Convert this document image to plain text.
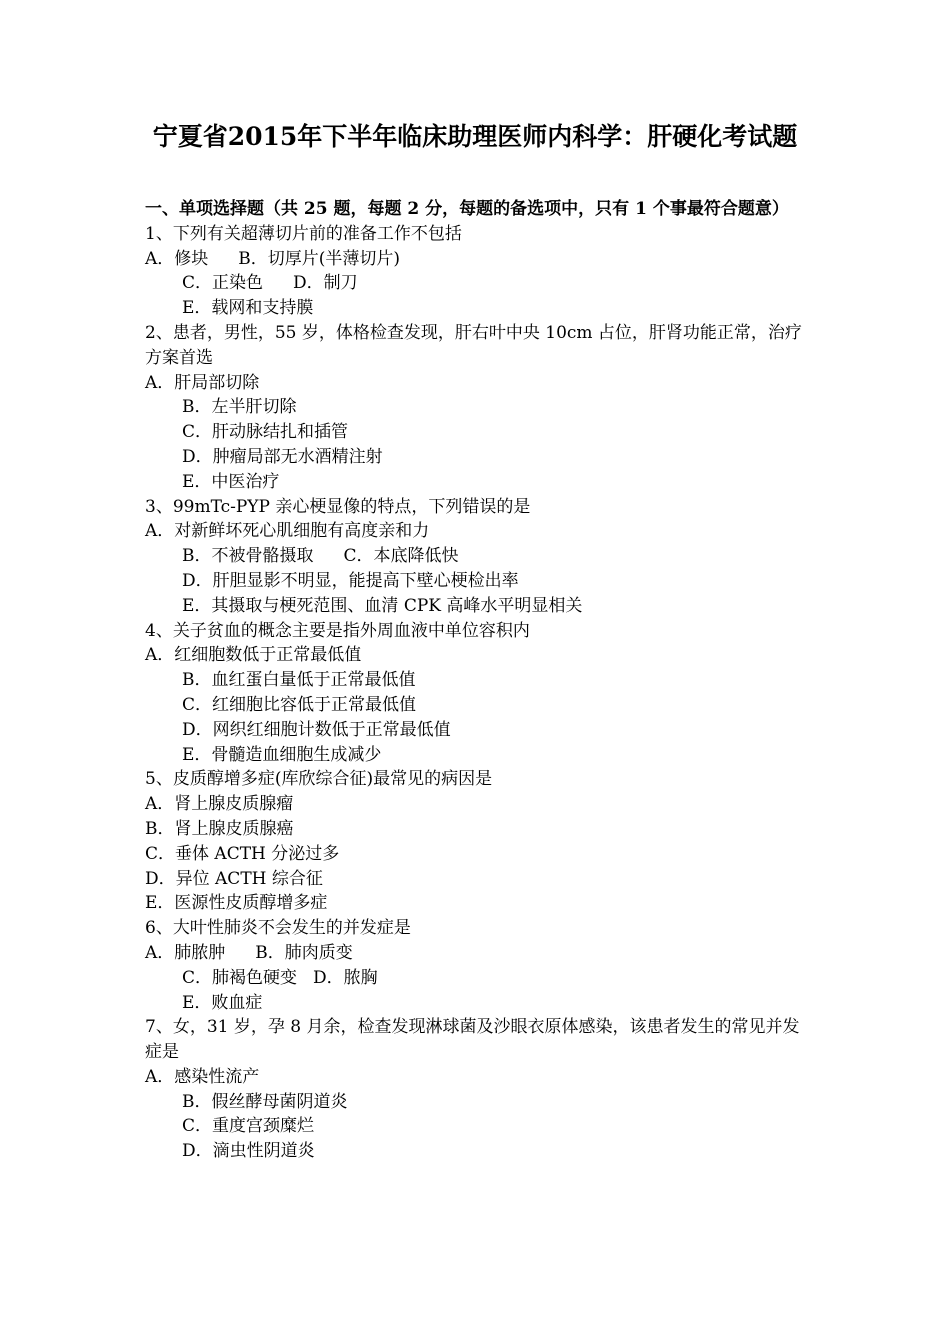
宁夏省2015年下半年临床助理医师内科学：肝硬化考试题

一、单项选择题（共 25 题，每题 2 分，每题的备选项中，只有 1 个事最符合题意）

1、下列有关超薄切片前的准备工作不包括

A．修块 B．切厚片(半薄切片)

C．正染色 D．制刀

E．载网和支持膜

2、患者，男性，55 岁，体格检查发现，肝右叶中央 10cm 占位，肝肾功能正常，治疗方案首选

A．肝局部切除

B．左半肝切除

C．肝动脉结扎和插管

D．肿瘤局部无水酒精注射

E．中医治疗

3、99mTc-PYP 亲心梗显像的特点，下列错误的是

A．对新鲜坏死心肌细胞有高度亲和力

B．不被骨骼摄取 C．本底降低快

D．肝胆显影不明显，能提高下壁心梗检出率

E．其摄取与梗死范围、血清 CPK 高峰水平明显相关

4、关子贫血的概念主要是指外周血液中单位容积内

A．红细胞数低于正常最低值

B．血红蛋白量低于正常最低值

C．红细胞比容低于正常最低值

D．网织红细胞计数低于正常最低值

E．骨髓造血细胞生成减少

5、皮质醇增多症(库欣综合征)最常见的病因是

A．肾上腺皮质腺瘤

B．肾上腺皮质腺癌

C．垂体 ACTH 分泌过多

D．异位 ACTH 综合征

E．医源性皮质醇增多症

6、大叶性肺炎不会发生的并发症是

A．肺脓肿 B．肺肉质变

C．肺褐色硬变 D．脓胸

E．败血症

7、女，31 岁，孕 8 月余，检查发现淋球菌及沙眼衣原体感染，该患者发生的常见并发症是

A．感染性流产

B．假丝酵母菌阴道炎

C．重度宫颈糜烂

D．滴虫性阴道炎
